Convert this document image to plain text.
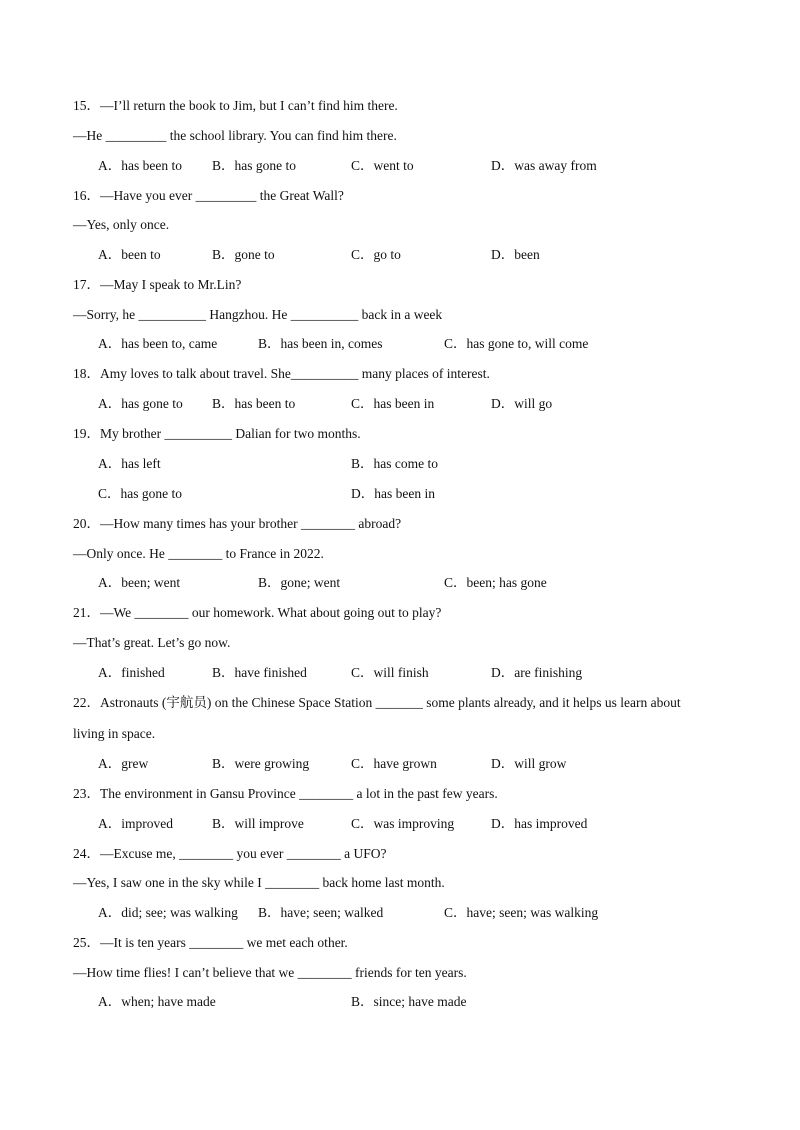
15．—I’ll return the book to Jim, but I can’t find him there.
—He _________ the school library. You can find him there.
A．has been to B．has gone to	C．went to	D．was away from
16．—Have you ever _________ the Great Wall?
—Yes, only once.
A．been to	B．gone to	C．go to	D．been
17．—May I speak to Mr.Lin?
—Sorry, he __________ Hangzhou. He __________ back in a week
A．has been to, came	B．has been in, comes	C．has gone to, will come
18．Amy loves to talk about travel. She__________ many places of interest.
A．has gone to B．has been to	C．has been in	D．will go
19．My brother __________ Dalian for two months.
A．has left	B．has come to
C．has gone to	D．has been in
20．—How many times has your brother ________ abroad?
—Only once. He ________ to France in 2022.
A．been; went	B．gone; went	C．been; has gone
21．—We ________ our homework. What about going out to play?
—That’s great. Let’s go now.
A．finished	B．have finished	C．will finish	D．are finishing
22．Astronauts (宇航员) on the Chinese Space Station _______ some plants already, and it helps us learn about
living in space.
A．grew	B．were growing	C．have grown	D．will grow
23．The environment in Gansu Province ________ a lot in the past few years.
A．improved	B．will improve	C．was improving	D．has improved
24．—Excuse me, ________ you ever ________ a UFO?
—Yes, I saw one in the sky while I ________ back home last month.
A．did; see; was walking B．have; seen; walked	C．have; seen; was walking
25．—It is ten years ________ we met each other.
—How time flies! I can’t believe that we ________ friends for ten years.
A．when; have made	B．since; have made
